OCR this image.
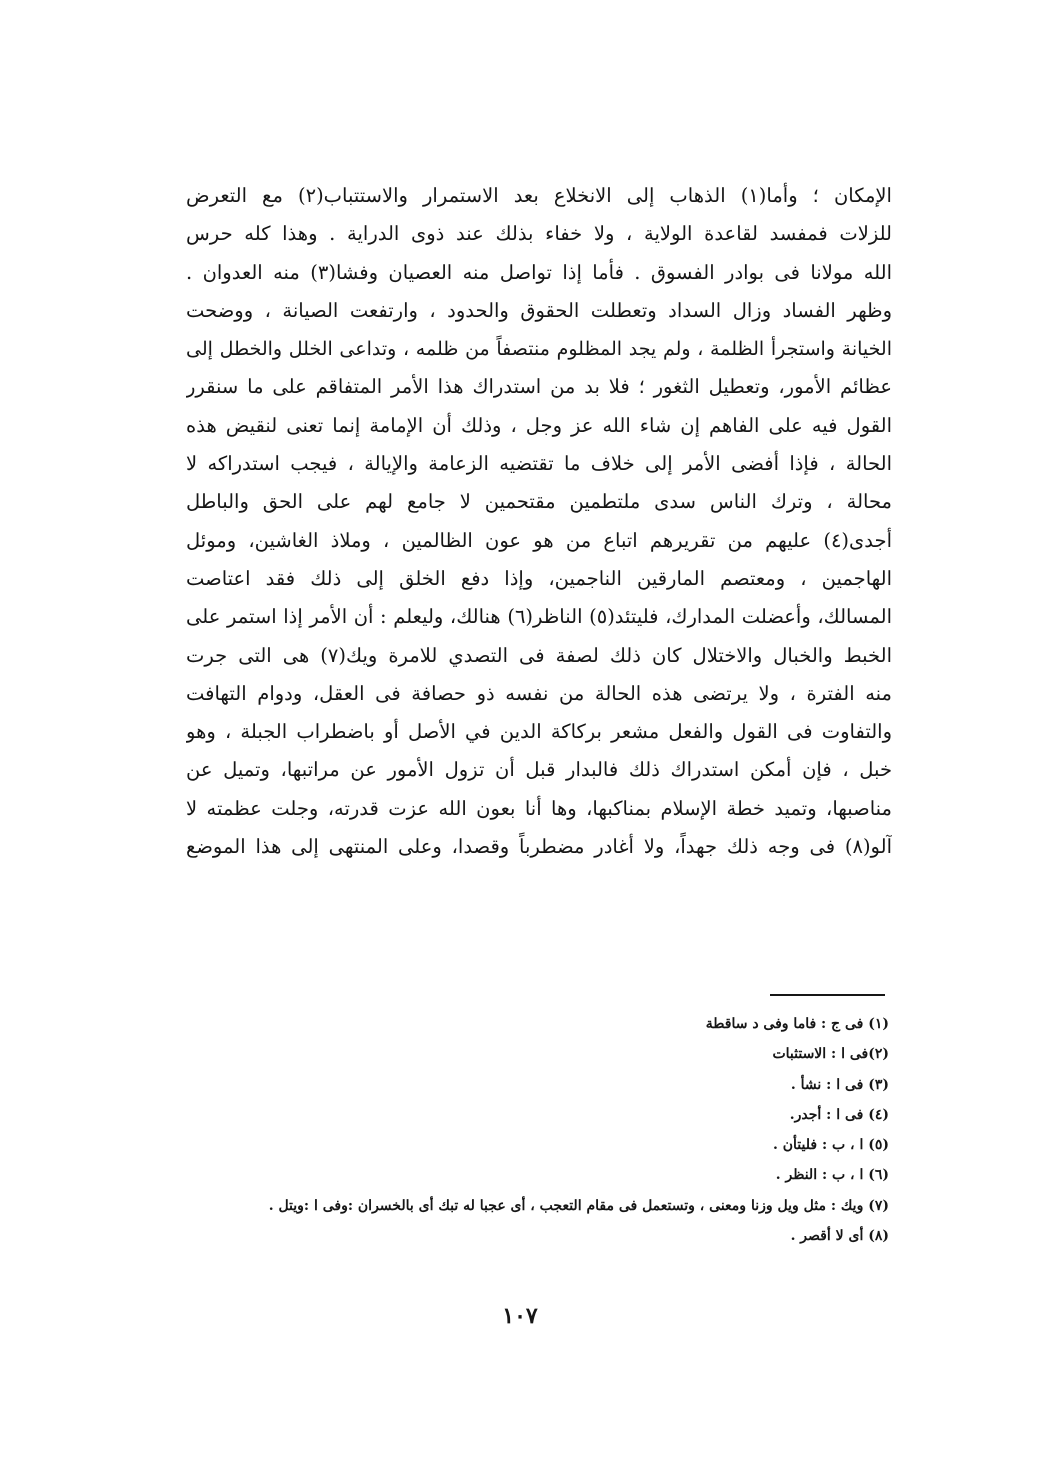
الإمكان ؛ وأما(١) الذهاب إلى الانخلاع بعد الاستمرار والاستتباب(٢) مع التعرض
للزلات فمفسد لقاعدة الولاية ، ولا خفاء بذلك عند ذوى الدراية . وهذا كله حرس
الله مولانا فى بوادر الفسوق . فأما إذا تواصل منه العصيان وفشا(٣) منه العدوان .
وظهر الفساد وزال السداد وتعطلت الحقوق والحدود ، وارتفعت الصيانة ، ووضحت
الخيانة واستجرأ الظلمة ، ولم يجد المظلوم منتصفاً من ظلمه ، وتداعى الخلل والخطل إلى
عظائم الأمور، وتعطيل الثغور ؛ فلا بد من استدراك هذا الأمر المتفاقم على ما سنقرر
القول فيه على الفاهم إن شاء الله عز وجل ، وذلك أن الإمامة إنما تعنى لنقيض هذه
الحالة ، فإذا أفضى الأمر إلى خلاف ما تقتضيه الزعامة والإيالة ، فيجب استدراكه لا
محالة ، وترك الناس سدى ملتطمين مقتحمين لا جامع لهم على الحق والباطل
أجدى(٤) عليهم من تقريرهم اتباع من هو عون الظالمين ، وملاذ الغاشين، وموئل
الهاجمين ، ومعتصم المارقين الناجمين، وإذا دفع الخلق إلى ذلك فقد اعتاصت
المسالك، وأعضلت المدارك، فليتئد(٥) الناظر(٦) هنالك، وليعلم : أن الأمر إذا استمر على
الخبط والخبال والاختلال كان ذلك لصفة فى التصدي للامرة ويك(٧) هى التى جرت
منه الفترة ، ولا يرتضى هذه الحالة من نفسه ذو حصافة فى العقل، ودوام التهافت
والتفاوت فى القول والفعل مشعر بركاكة الدين في الأصل أو باضطراب الجبلة ، وهو
خبل ، فإن أمكن استدراك ذلك فالبدار قبل أن تزول الأمور عن مراتبها، وتميل عن
مناصبها، وتميد خطة الإسلام بمناكبها، وها أنا بعون الله عزت قدرته، وجلت عظمته لا
آلو(٨) فى وجه ذلك جهداً، ولا أغادر مضطرباً وقصدا، وعلى المنتهى إلى هذا الموضع
(١) فى ج : فاما وفى د ساقطة
(٢)فى ا : الاستثبات
(٣) فى ا : نشأ .
(٤) فى ا : أجدر.
(٥) ا ، ب : فليتأن .
(٦) ا ، ب : النظر .
(٧) ويك : مثل ويل وزنا ومعنى ، وتستعمل فى مقام التعجب ، أى عجبا له تبك أى بالخسران :وفى ا :ويتل .
(٨) أى لا أقصر .
١٠٧
